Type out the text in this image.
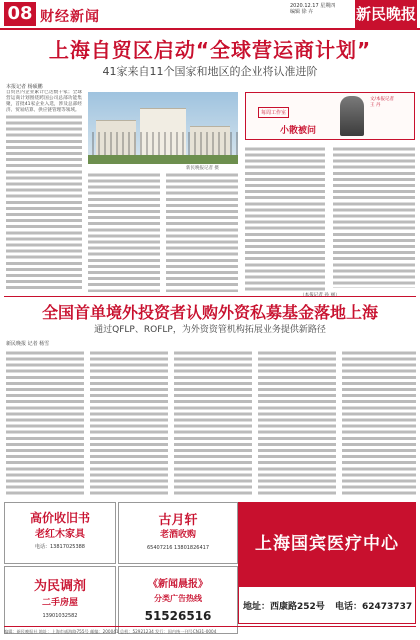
08 财经新闻
2020.12.17 星期四
编辑 徐 卉	新民晚报
上海自贸区启动“全球营运商计划”
41家来自11个国家和地区的企业将认准进阶
本报记者 杨硕鹏
自贸区内企业累计已达数千家；全球营运商计划围绕跨国公司总部功能集聚，首批41家企业入选，涉及总部经济、贸易结算、供应链管理等领域。
新民晚报记者 摄
每周工作室
小散被问
文/本报记者
王 丹
（本报记者 孙 丽）
全国首单境外投资者认购外资私募基金落地上海
通过QFLP、ROFLP，为外资资管机构拓展业务提供新路径
新民晚报 记者 杨雪
高价收旧书
老红木家具
电话：13817025388
古月轩
老酒收购
65407216 13801826417
为民调剂
二手房屋
13901032582
《新闻晨报》
分类广告热线
51526516
上海国宾医疗中心
地址：西康路252号 电话：62473737
编辑：新民晚报社 地址：上海市威海路755号 邮编：200041 总机：52921234 发行：国内统一刊号CN31-0004
